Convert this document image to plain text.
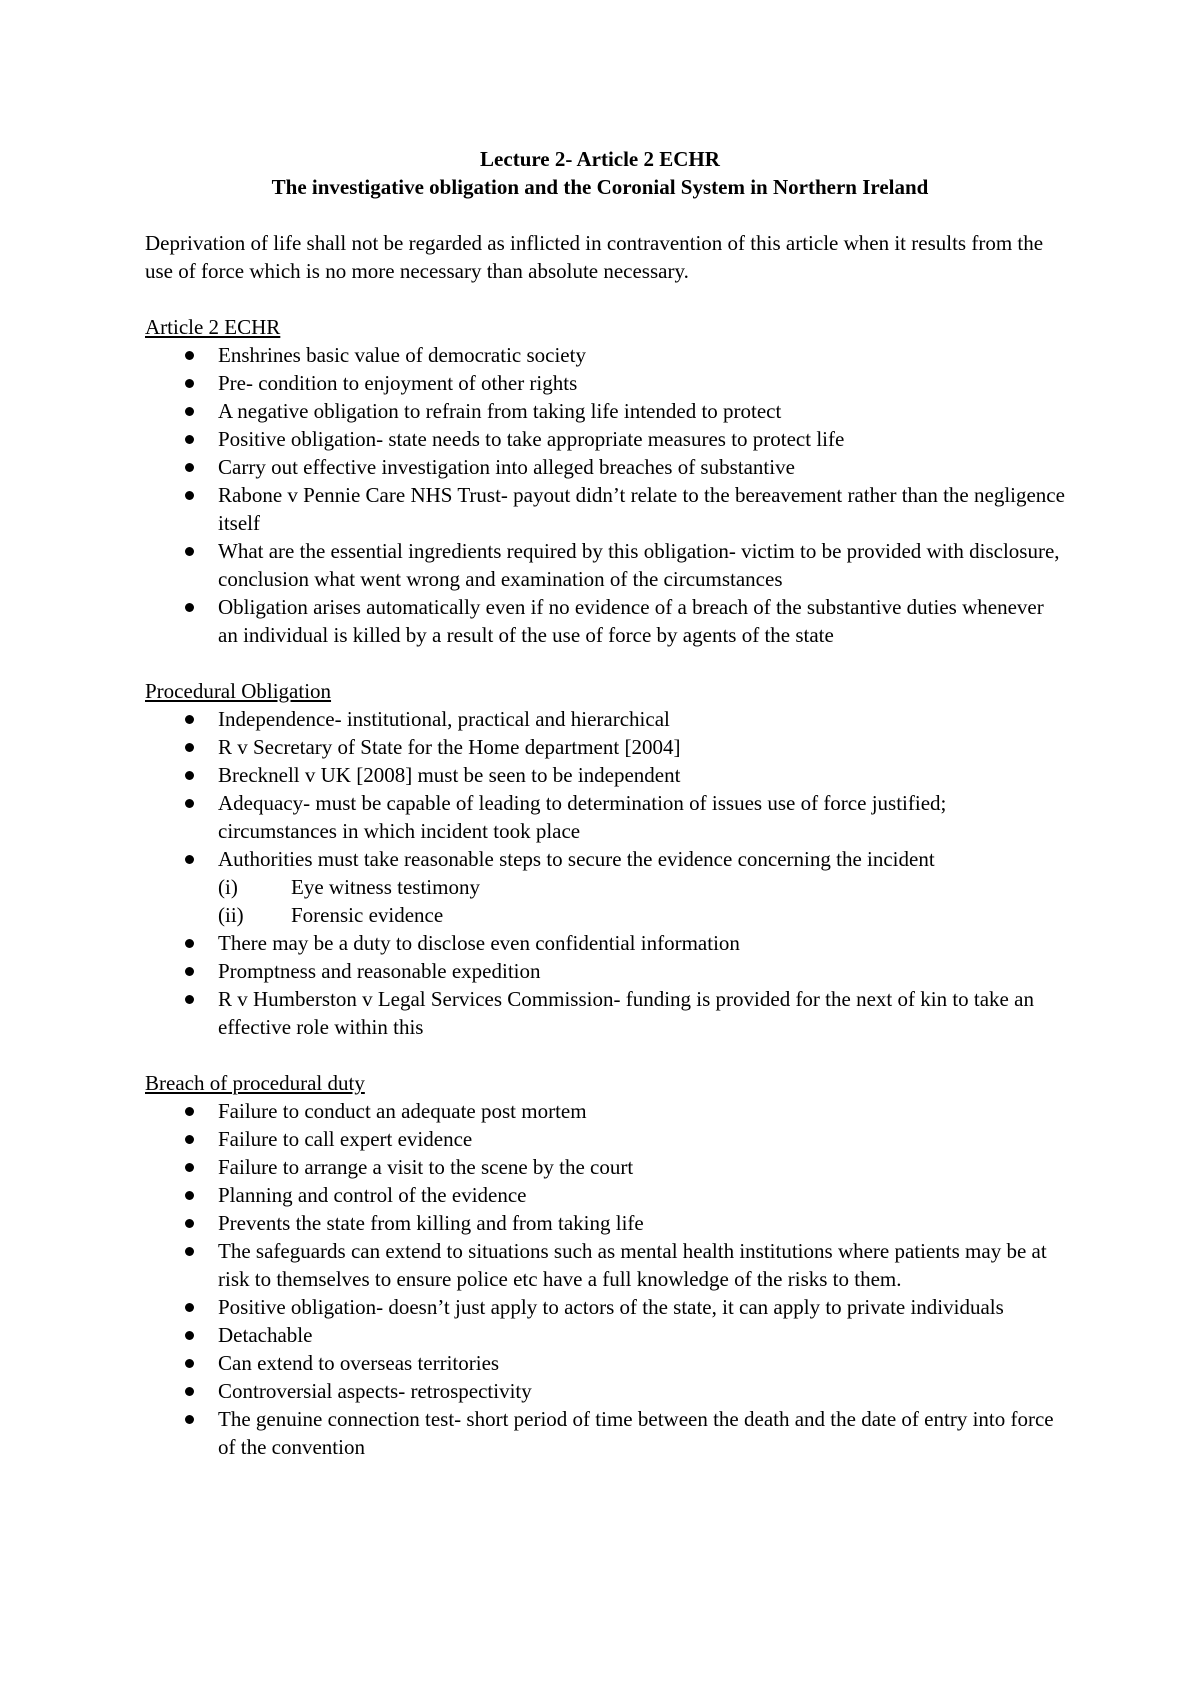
Lecture 2- Article 2 ECHR
The investigative obligation and the Coronial System in Northern Ireland

Deprivation of life shall not be regarded as inflicted in contravention of this article when it results from the use of force which is no more necessary than absolute necessary.

Article 2 ECHR
Enshrines basic value of democratic society
Pre- condition to enjoyment of other rights
A negative obligation to refrain from taking life intended to protect
Positive obligation- state needs to take appropriate measures to protect life
Carry out effective investigation into alleged breaches of substantive
Rabone v Pennie Care NHS Trust- payout didn’t relate to the bereavement rather than the negligence itself
What are the essential ingredients required by this obligation- victim to be provided with disclosure, conclusion what went wrong and examination of the circumstances
Obligation arises automatically even if no evidence of a breach of the substantive duties whenever an individual is killed by a result of the use of force by agents of the state
Procedural Obligation
Independence- institutional, practical and hierarchical
R v Secretary of State for the Home department [2004]
Brecknell v UK [2008] must be seen to be independent
Adequacy- must be capable of leading to determination of issues use of force justified; circumstances in which incident took place
Authorities must take reasonable steps to secure the evidence concerning the incident
(i)	Eye witness testimony
(ii)	Forensic evidence
There may be a duty to disclose even confidential information
Promptness and reasonable expedition
R v Humberston v Legal Services Commission- funding is provided for the next of kin to take an effective role within this
Breach of procedural duty
Failure to conduct an adequate post mortem
Failure to call expert evidence
Failure to arrange a visit to the scene by the court
Planning and control of the evidence
Prevents the state from killing and from taking life
The safeguards can extend to situations such as mental health institutions where patients may be at risk to themselves to ensure police etc have a full knowledge of the risks to them.
Positive obligation- doesn’t just apply to actors of the state, it can apply to private individuals
Detachable
Can extend to overseas territories
Controversial aspects- retrospectivity
The genuine connection test- short period of time between the death and the date of entry into force of the convention
